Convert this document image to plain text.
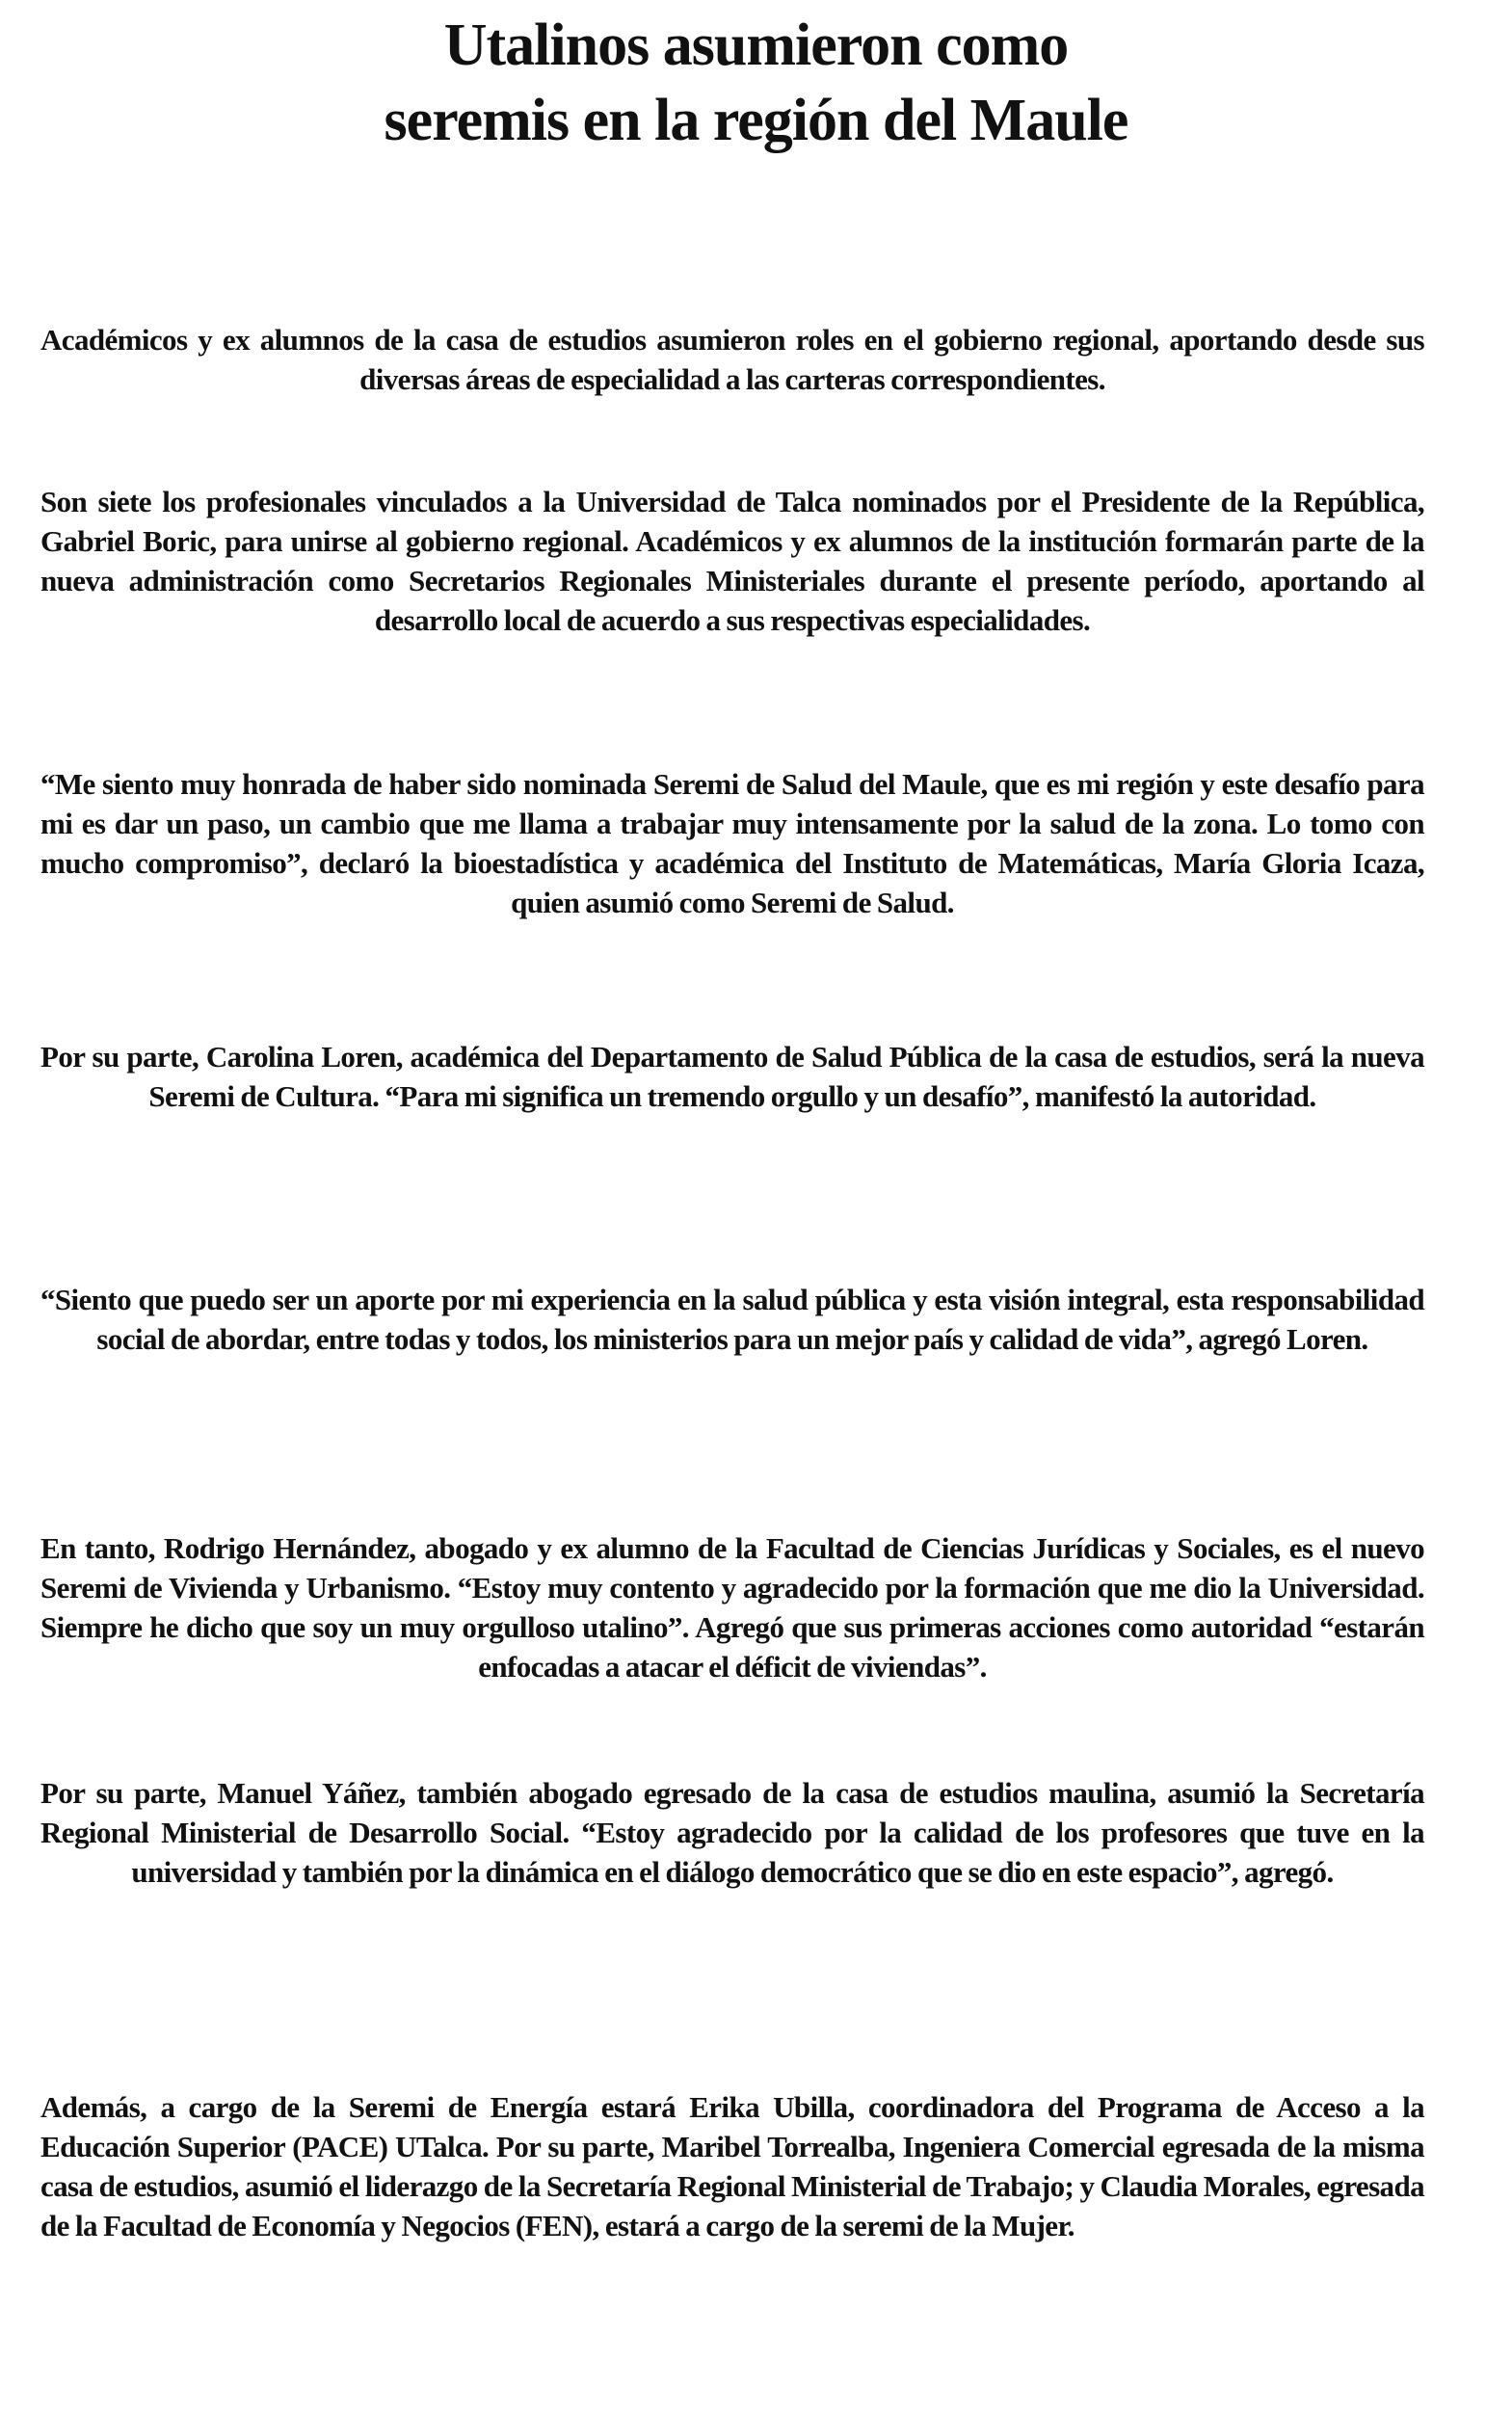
Utalinos asumieron como
seremis en la región del Maule

Académicos y ex alumnos de la casa de estudios asumieron roles en el gobierno regional, aportando desde sus diversas áreas de especialidad a las carteras correspondientes.

Son siete los profesionales vinculados a la Universidad de Talca nominados por el Presidente de la República, Gabriel Boric, para unirse al gobierno regional. Académicos y ex alumnos de la institución formarán parte de la nueva administración como Secretarios Regionales Ministeriales durante el presente período, aportando al desarrollo local de acuerdo a sus respectivas especialidades.

“Me siento muy honrada de haber sido nominada Seremi de Salud del Maule, que es mi región y este desafío para mi es dar un paso, un cambio que me llama a trabajar muy intensamente por la salud de la zona. Lo tomo con mucho compromiso”, declaró la bioestadística y académica del Instituto de Matemáticas, María Gloria Icaza, quien asumió como Seremi de Salud.

Por su parte, Carolina Loren, académica del Departamento de Salud Pública de la casa de estudios, será la nueva Seremi de Cultura. “Para mi significa un tremendo orgullo y un desafío”, manifestó la autoridad.

“Siento que puedo ser un aporte por mi experiencia en la salud pública y esta visión integral, esta responsabilidad social de abordar, entre todas y todos, los ministerios para un mejor país y calidad de vida”, agregó Loren.

En tanto, Rodrigo Hernández, abogado y ex alumno de la Facultad de Ciencias Jurídicas y Sociales, es el nuevo Seremi de Vivienda y Urbanismo. “Estoy muy contento y agradecido por la formación que me dio la Universidad. Siempre he dicho que soy un muy orgulloso utalino”. Agregó que sus primeras acciones como autoridad “estarán enfocadas a atacar el déficit de viviendas”.

Por su parte, Manuel Yáñez, también abogado egresado de la casa de estudios maulina, asumió la Secretaría Regional Ministerial de Desarrollo Social. “Estoy agradecido por la calidad de los profesores que tuve en la universidad y también por la dinámica en el diálogo democrático que se dio en este espacio”, agregó.

Además, a cargo de la Seremi de Energía estará Erika Ubilla, coordinadora del Programa de Acceso a la Educación Superior (PACE) UTalca. Por su parte, Maribel Torrealba, Ingeniera Comercial egresada de la misma casa de estudios, asumió el liderazgo de la Secretaría Regional Ministerial de Trabajo; y Claudia Morales, egresada de la Facultad de Economía y Negocios (FEN), estará a cargo de la seremi de la Mujer.
